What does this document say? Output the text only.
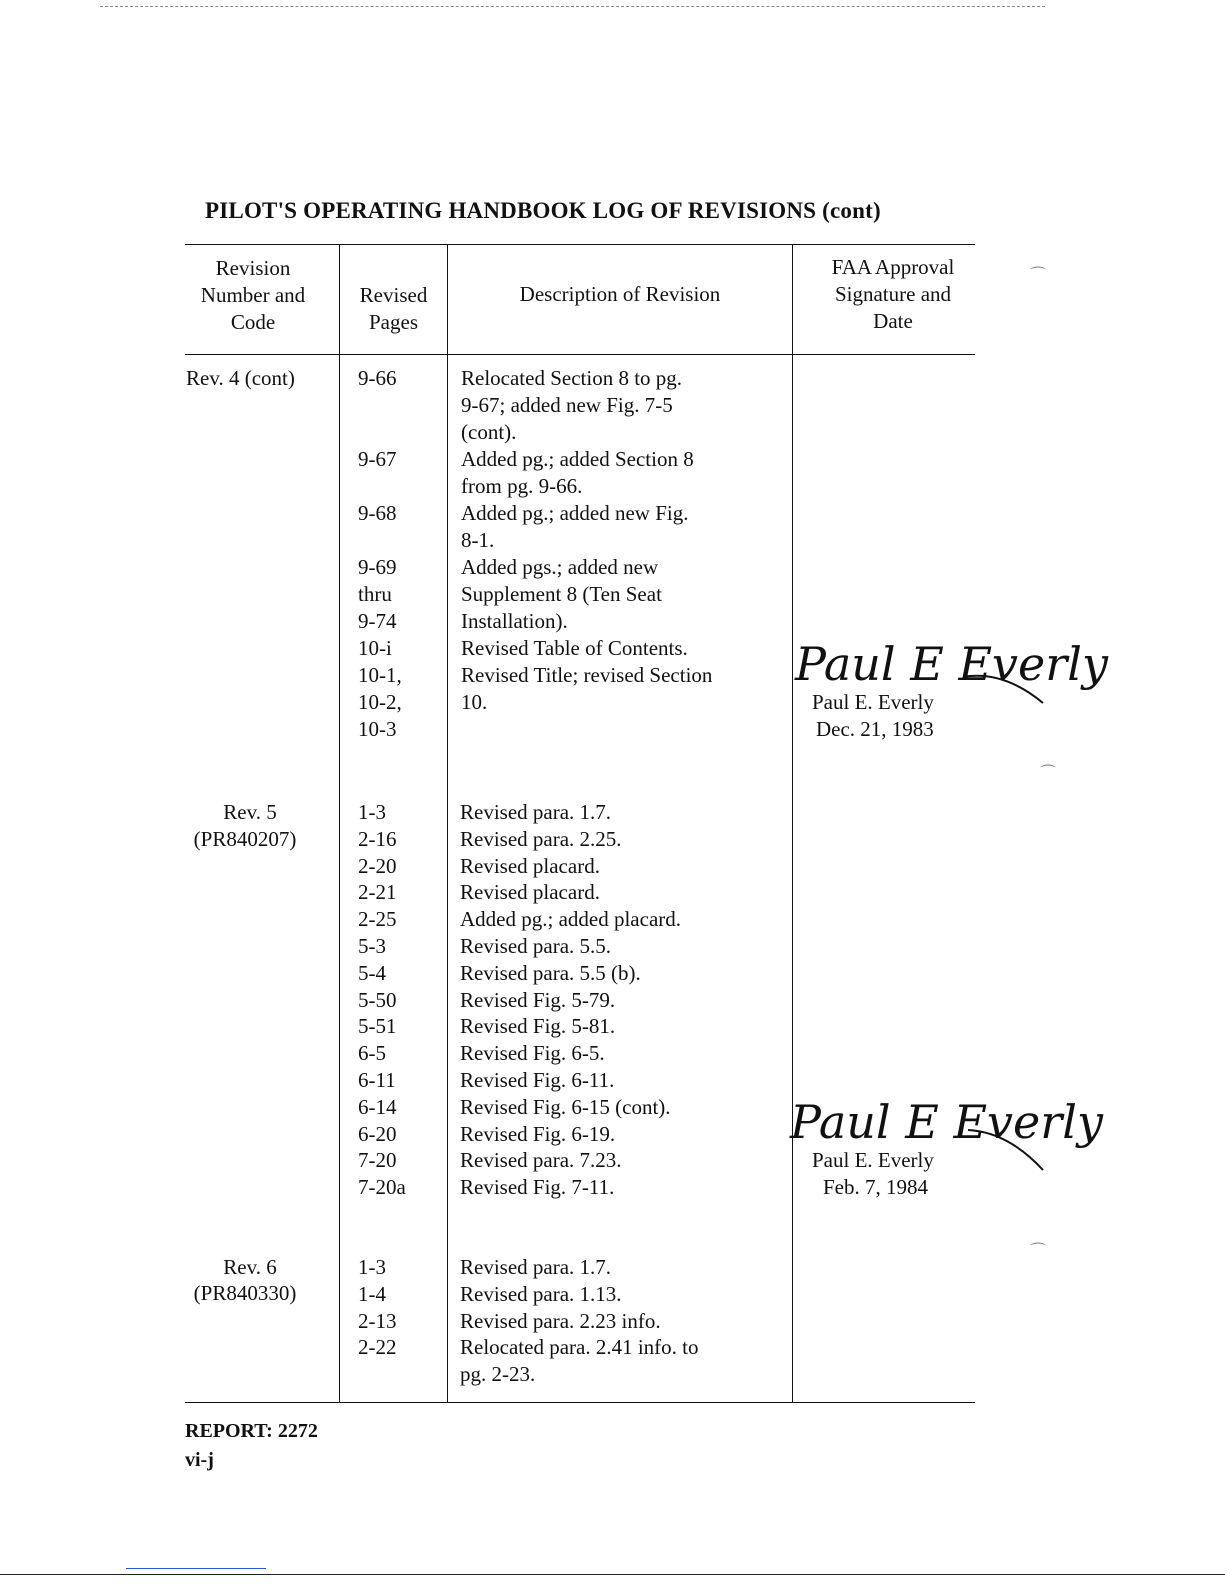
PILOT'S OPERATING HANDBOOK LOG OF REVISIONS (cont)
Revision
Number and
Code
Revised
Pages
Description of Revision
FAA Approval
Signature and
Date
Rev. 4 (cont)	9-66
9-67
9-68
9-69
thru
9-74
10-i
10-1,
10-2,
10-3
Relocated Section 8 to pg.
9-67; added new Fig. 7-5
(cont).
Added pg.; added Section 8
from pg. 9-66.
Added pg.; added new Fig.
8-1.
Added pgs.; added new
Supplement 8 (Ten Seat
Installation).
Revised Table of Contents.
Revised Title; revised Section
10.
Paul E Everly
Paul E. Everly
Dec. 21, 1983
Rev. 5
(PR840207)
1-3
2-16
2-20
2-21
2-25
5-3
5-4
5-50
5-51
6-5
6-11
6-14
6-20
7-20
7-20a
Revised para. 1.7.
Revised para. 2.25.
Revised placard.
Revised placard.
Added pg.; added placard.
Revised para. 5.5.
Revised para. 5.5 (b).
Revised Fig. 5-79.
Revised Fig. 5-81.
Revised Fig. 6-5.
Revised Fig. 6-11.
Revised Fig. 6-15 (cont).
Revised Fig. 6-19.
Revised para. 7.23.
Revised Fig. 7-11.
Paul E Everly
Paul E. Everly
Feb. 7, 1984
Rev. 6
(PR840330)
1-3
1-4
2-13
2-22
Revised para. 1.7.
Revised para. 1.13.
Revised para. 2.23 info.
Relocated para. 2.41 info. to
pg. 2-23.
⌒
⌒
⌒
REPORT: 2272
vi-j
